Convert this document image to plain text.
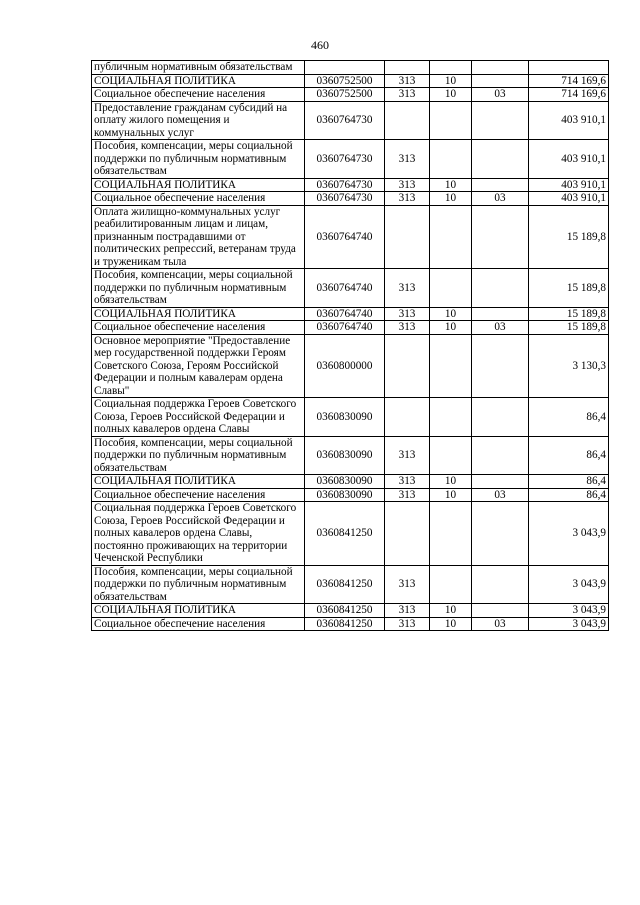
460
публичным нормативным обязательствам					
СОЦИАЛЬНАЯ ПОЛИТИКА	0360752500	313	10		714 169,6
Социальное обеспечение населения	0360752500	313	10	03	714 169,6
Предоставление гражданам субсидий на оплату жилого помещения и коммунальных услуг	0360764730				403 910,1
Пособия, компенсации, меры социальной поддержки по публичным нормативным обязательствам	0360764730	313			403 910,1
СОЦИАЛЬНАЯ ПОЛИТИКА	0360764730	313	10		403 910,1
Социальное обеспечение населения	0360764730	313	10	03	403 910,1
Оплата жилищно-коммунальных услуг реабилитированным лицам и лицам, признанным пострадавшими от политических репрессий, ветеранам труда и труженикам тыла	0360764740				15 189,8
Пособия, компенсации, меры социальной поддержки по публичным нормативным обязательствам	0360764740	313			15 189,8
СОЦИАЛЬНАЯ ПОЛИТИКА	0360764740	313	10		15 189,8
Социальное обеспечение населения	0360764740	313	10	03	15 189,8
Основное мероприятие "Предоставление мер государственной поддержки Героям Советского Союза, Героям Российской Федерации и полным кавалерам ордена Славы"	0360800000				3 130,3
Социальная поддержка Героев Советского Союза, Героев Российской Федерации и полных кавалеров ордена Славы	0360830090				86,4
Пособия, компенсации, меры социальной поддержки по публичным нормативным обязательствам	0360830090	313			86,4
СОЦИАЛЬНАЯ ПОЛИТИКА	0360830090	313	10		86,4
Социальное обеспечение населения	0360830090	313	10	03	86,4
Социальная поддержка Героев Советского Союза, Героев Российской Федерации и полных кавалеров ордена Славы, постоянно проживающих на территории Чеченской Республики	0360841250				3 043,9
Пособия, компенсации, меры социальной поддержки по публичным нормативным обязательствам	0360841250	313			3 043,9
СОЦИАЛЬНАЯ ПОЛИТИКА	0360841250	313	10		3 043,9
Социальное обеспечение населения	0360841250	313	10	03	3 043,9
